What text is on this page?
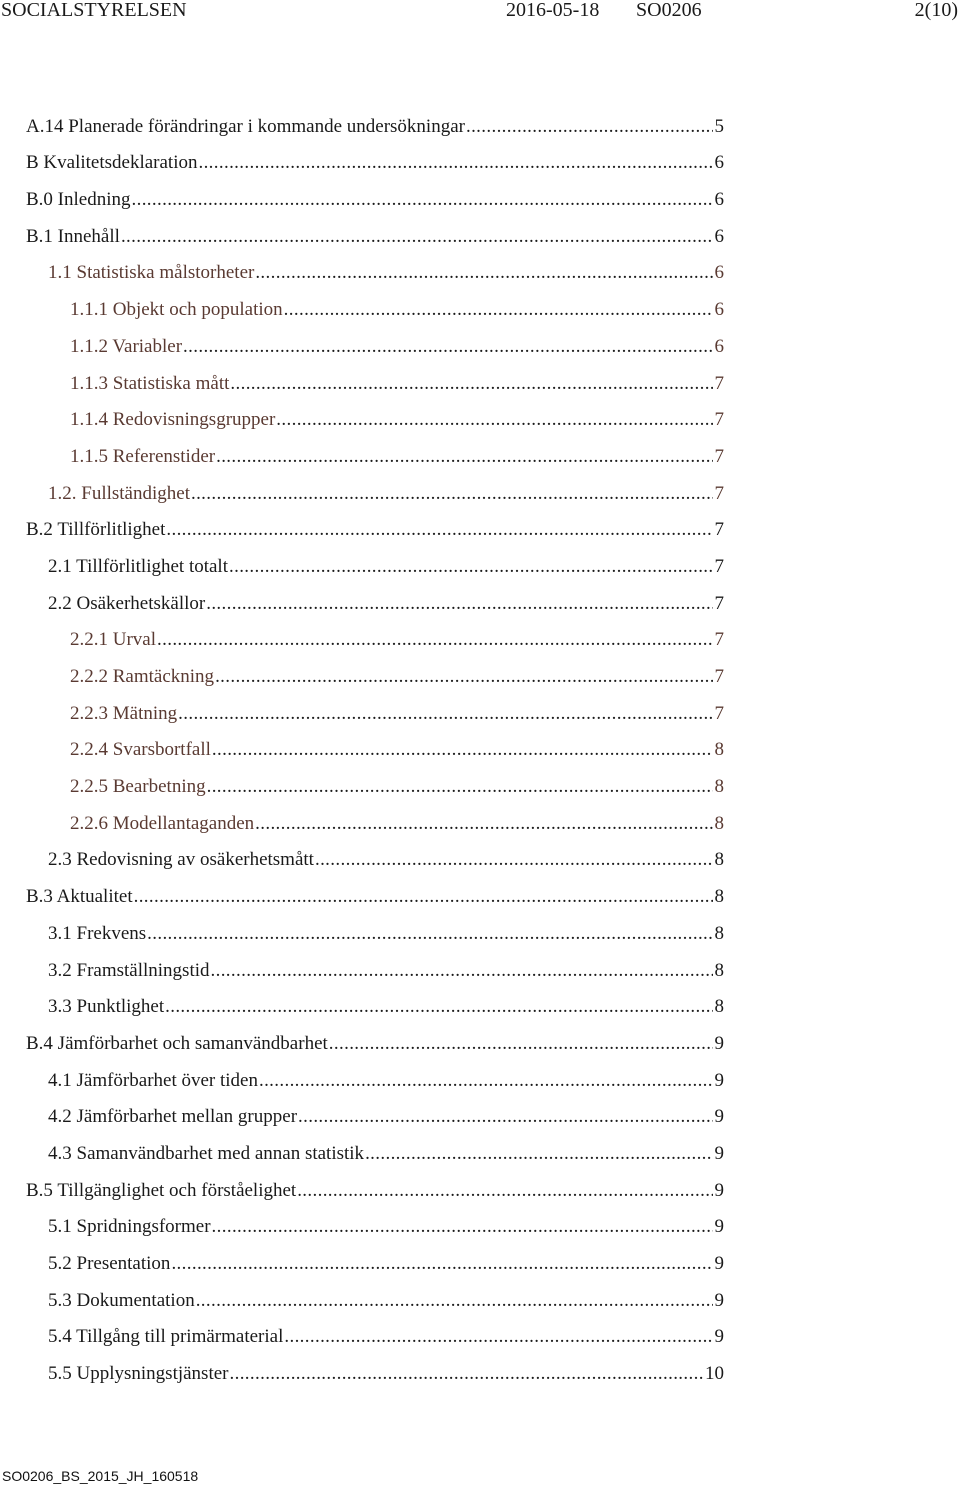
SOCIALSTYRELSEN	2016-05-18 SO0206	2(10)
A.14 Planerade förändringar i kommande undersökningar . . .	5
B Kvalitetsdeklaration . . .	6
B.0 Inledning . . .	6
B.1 Innehåll . . .	6
1.1 Statistiska målstorheter . . .	6
1.1.1 Objekt och population . . .	6
1.1.2 Variabler . . .	6
1.1.3 Statistiska mått . . .	7
1.1.4 Redovisningsgrupper . . .	7
1.1.5 Referenstider . . .	7
1.2. Fullständighet . . .	7
B.2 Tillförlitlighet . . .	7
2.1 Tillförlitlighet totalt . . .	7
2.2 Osäkerhetskällor . . .	7
2.2.1 Urval . . .	7
2.2.2 Ramtäckning . . .	7
2.2.3 Mätning . . .	7
2.2.4 Svarsbortfall . . .	8
2.2.5 Bearbetning . . .	8
2.2.6 Modellantaganden . . .	8
2.3 Redovisning av osäkerhetsmått . . .	8
B.3 Aktualitet . . .	8
3.1 Frekvens . . .	8
3.2 Framställningstid . . .	8
3.3 Punktlighet . . .	8
B.4 Jämförbarhet och samanvändbarhet . . .	9
4.1 Jämförbarhet över tiden . . .	9
4.2 Jämförbarhet mellan grupper . . .	9
4.3 Samanvändbarhet med annan statistik . . .	9
B.5 Tillgänglighet och förståelighet . . .	9
5.1 Spridningsformer . . .	9
5.2 Presentation . . .	9
5.3 Dokumentation . . .	9
5.4 Tillgång till primärmaterial . . .	9
5.5 Upplysningstjänster . . .	10
SO0206_BS_2015_JH_160518
